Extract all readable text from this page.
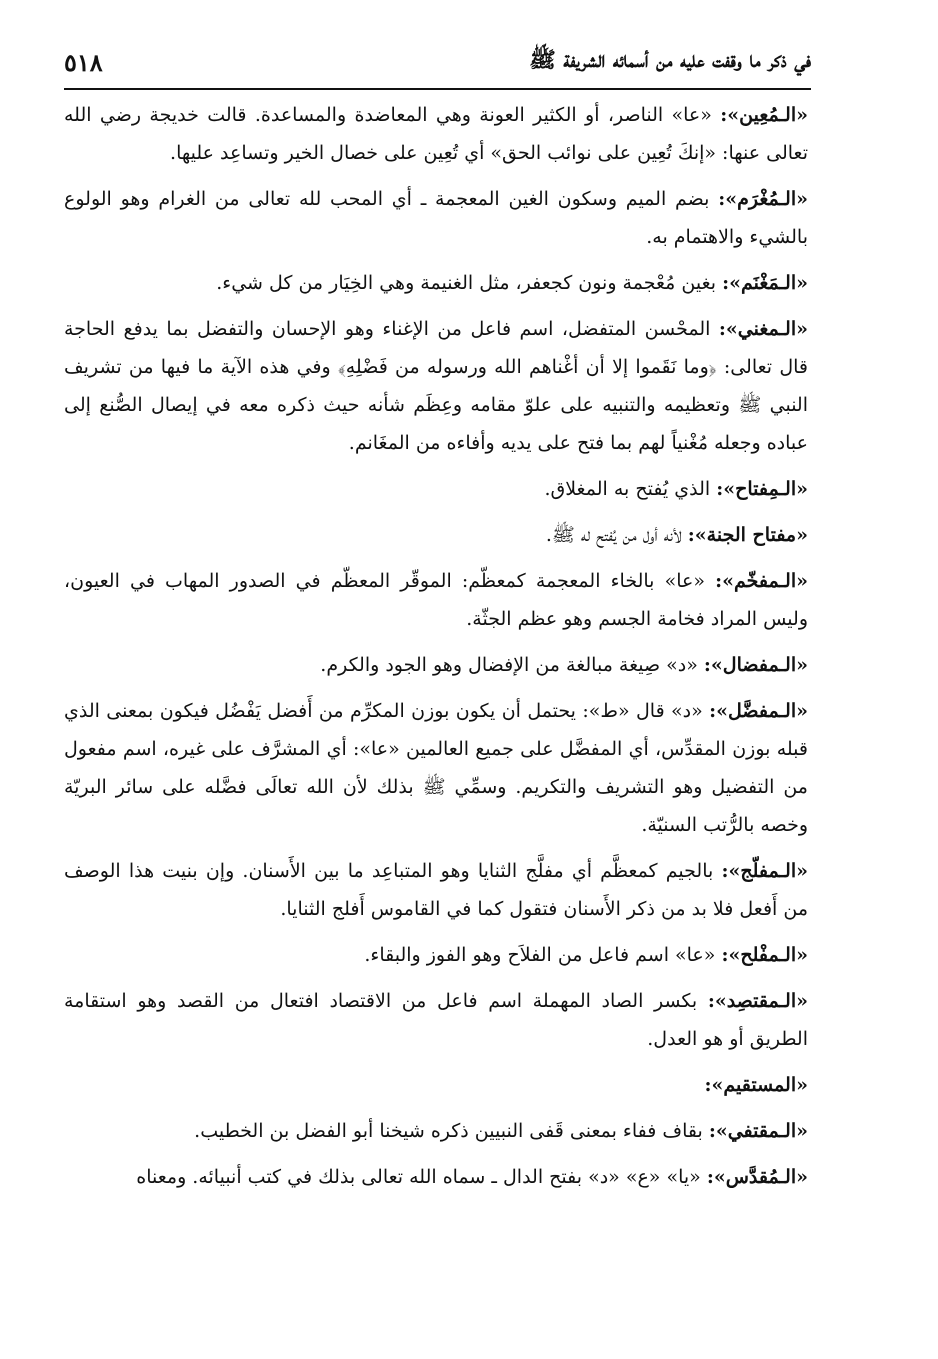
في ذكر ما وقفت عليه من أسمائه الشريفة ﷺ
٥١٨

«الـمُعِين»: «عا» الناصر، أو الكثير العونة وهي المعاضدة والمساعدة. قالت خديجة رضي الله تعالى عنها: «إنكَ تُعِين على نوائب الحق» أي تُعِين على خصال الخير وتساعِد عليها.

«الـمُغْرَم»: بضم الميم وسكون الغين المعجمة ـ أي المحب لله تعالى من الغرام وهو الولوع بالشيء والاهتمام به.

«الـمَغْنَم»: بغين مُعْجمة ونون كجعفر، مثل الغنيمة وهي الخِيَار من كل شيء.

«الـمغني»: المحْسن المتفضل، اسم فاعل من الإغناء وهو الإحسان والتفضل بما يدفع الحاجة قال تعالى: ﴿وما نَقَموا إلا أن أغْناهم الله ورسوله من فَضْلِهِ﴾ وفي هذه الآية ما فيها من تشريف النبي ﷺ وتعظيمه والتنبيه على علوّ مقامه وعِظَم شأنه حيث ذكره معه في إيصال الصُّنع إلى عباده وجعله مُغْنياً لهم بما فتح على يديه وأفاءه من المغَانم.

«الـمِفتاح»: الذي يُفتح به المغلاق.

«مفتاح الجنة»: لأنه أول من يُفتح له ﷺ.

«الـمفخّم»: «عا» بالخاء المعجمة كمعظّم: الموقّر المعظّم في الصدور المهاب في العيون، وليس المراد فخامة الجسم وهو عظم الجثّة.

«الـمفضال»: «د» صِيغة مبالغة من الإفضال وهو الجود والكرم.

«الـمفضَّل»: «د» قال «ط»: يحتمل أن يكون بوزن المكرِّم من أَفضل يَفْضُل فيكون بمعنى الذي قبله بوزن المقدِّس، أي المفضَّل على جميع العالمين «عا»: أي المشرَّف على غيره، اسم مفعول من التفضيل وهو التشريف والتكريم. وسمِّي ﷺ بذلك لأن الله تعالَى فضَّله على سائر البريّة وخصه بالرُّتب السنيّة.

«الـمفلّج»: بالجيم كمعظَّم أي مفلَّج الثنايا وهو المتباعِد ما بين الأَسنان. وإن بنيت هذا الوصف من أَفعل فلا بد من ذكر الأَسنان فتقول كما في القاموس أَفلج الثنايا.

«الـمفْلح»: «عا» اسم فاعل من الفلاَح وهو الفوز والبقاء.

«الـمقتصِد»: بكسر الصاد المهملة اسم فاعل من الاقتصاد افتعال من القصد وهو استقامة الطريق أو هو العدل.

«المستقيم»:

«الـمقتفي»: بقاف ففاء بمعنى قَفى النبيين ذكره شيخنا أبو الفضل بن الخطيب.

«الـمُقدَّس»: «يا» «ع» «د» بفتح الدال ـ سماه الله تعالى بذلك في كتب أنبيائه. ومعناه
